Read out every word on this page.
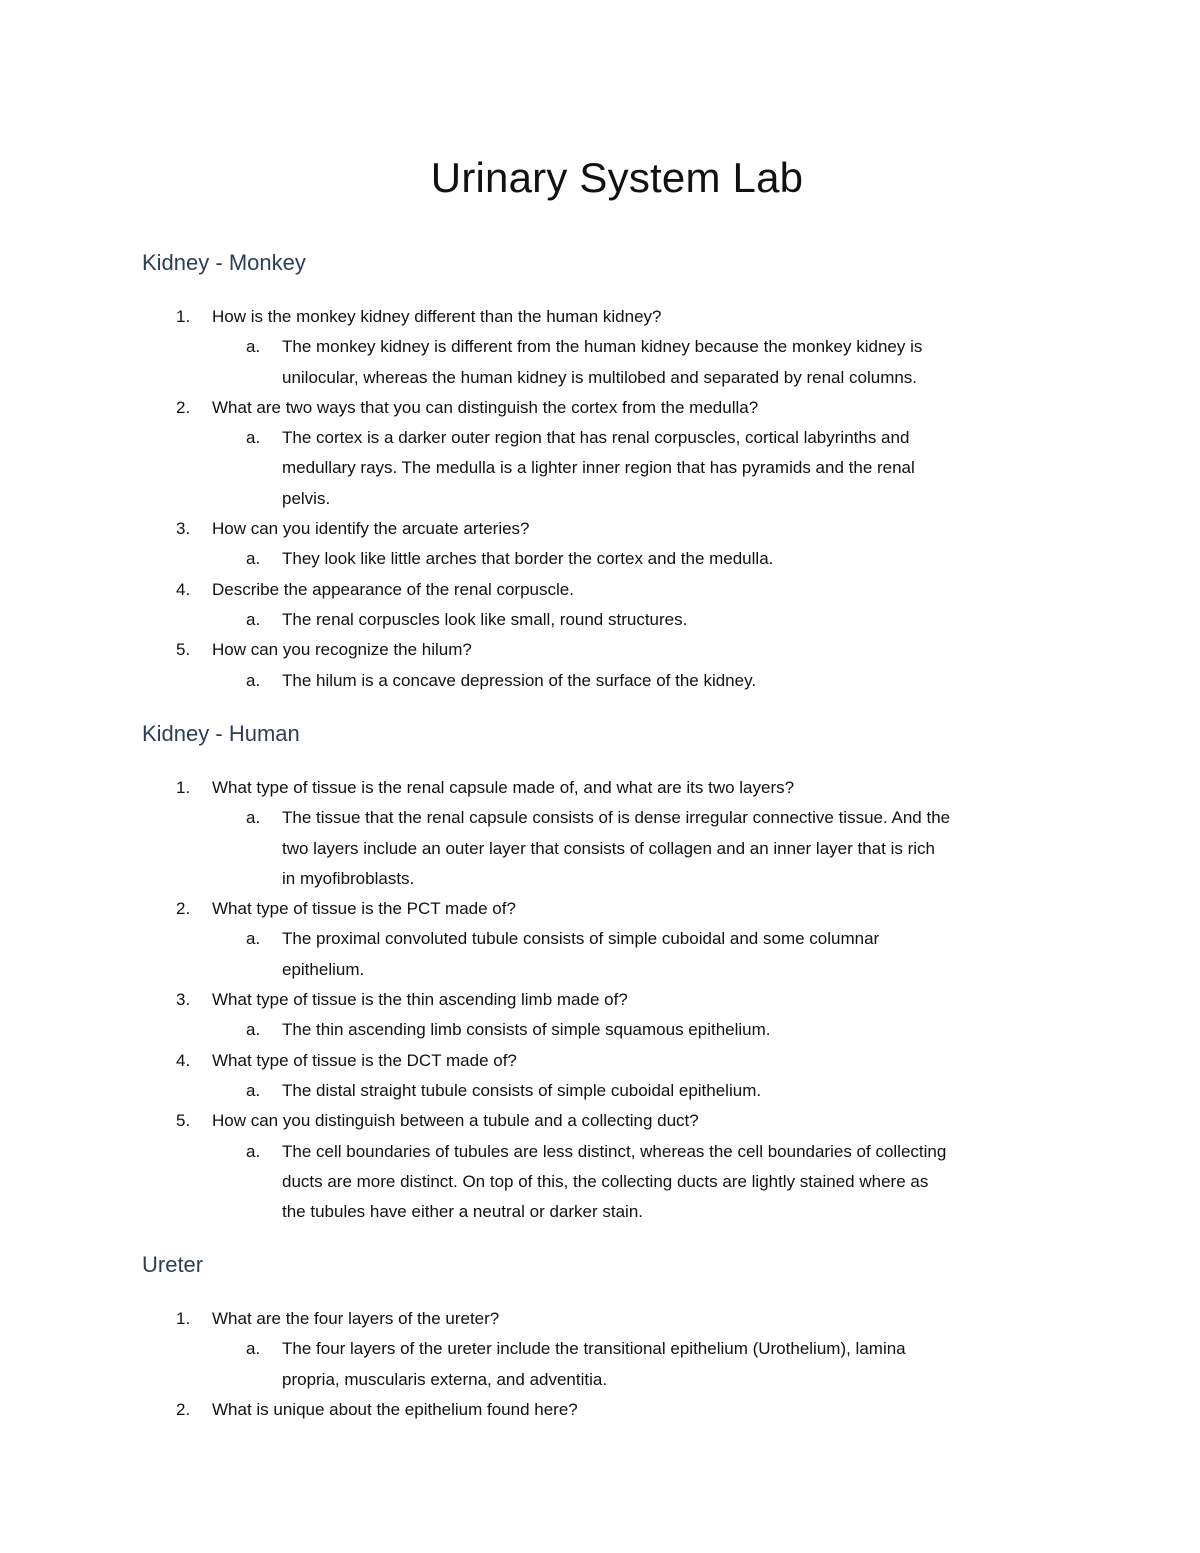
Urinary System Lab
Kidney - Monkey
1. How is the monkey kidney different than the human kidney?
a. The monkey kidney is different from the human kidney because the monkey kidney is
unilocular, whereas the human kidney is multilobed and separated by renal columns.
2. What are two ways that you can distinguish the cortex from the medulla?
a. The cortex is a darker outer region that has renal corpuscles, cortical labyrinths and
medullary rays. The medulla is a lighter inner region that has pyramids and the renal
pelvis.
3. How can you identify the arcuate arteries?
a. They look like little arches that border the cortex and the medulla.
4. Describe the appearance of the renal corpuscle.
a. The renal corpuscles look like small, round structures.
5. How can you recognize the hilum?
a. The hilum is a concave depression of the surface of the kidney.
Kidney - Human
1. What type of tissue is the renal capsule made of, and what are its two layers?
a. The tissue that the renal capsule consists of is dense irregular connective tissue. And the
two layers include an outer layer that consists of collagen and an inner layer that is rich
in myofibroblasts.
2. What type of tissue is the PCT made of?
a. The proximal convoluted tubule consists of simple cuboidal and some columnar
epithelium.
3. What type of tissue is the thin ascending limb made of?
a. The thin ascending limb consists of simple squamous epithelium.
4. What type of tissue is the DCT made of?
a. The distal straight tubule consists of simple cuboidal epithelium.
5. How can you distinguish between a tubule and a collecting duct?
a. The cell boundaries of tubules are less distinct, whereas the cell boundaries of collecting
ducts are more distinct. On top of this, the collecting ducts are lightly stained where as
the tubules have either a neutral or darker stain.
Ureter
1. What are the four layers of the ureter?
a. The four layers of the ureter include the transitional epithelium (Urothelium), lamina
propria, muscularis externa, and adventitia.
2. What is unique about the epithelium found here?
